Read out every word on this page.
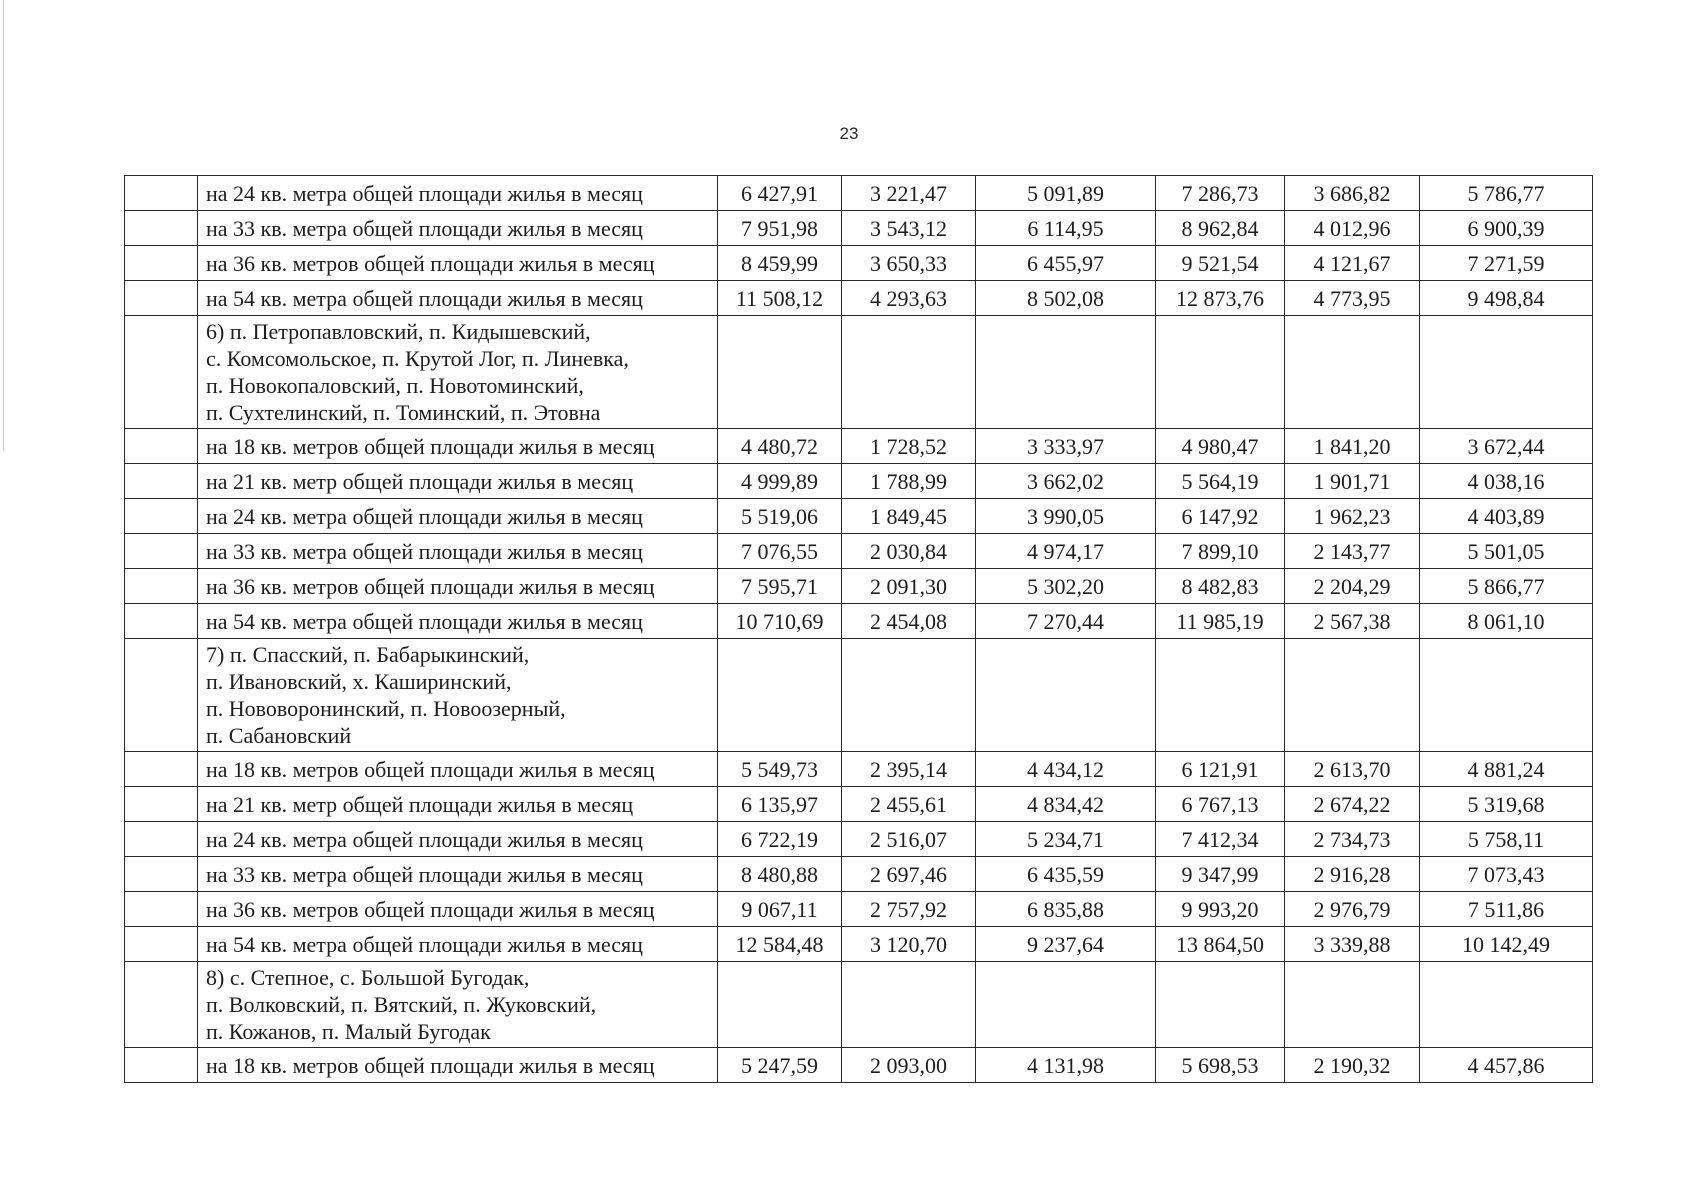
23
	на 24 кв. метра общей площади жилья в месяц	6 427,91	3 221,47	5 091,89	7 286,73	3 686,82	5 786,77
	на 33 кв. метра общей площади жилья в месяц	7 951,98	3 543,12	6 114,95	8 962,84	4 012,96	6 900,39
	на 36 кв. метров общей площади жилья в месяц	8 459,99	3 650,33	6 455,97	9 521,54	4 121,67	7 271,59
	на 54 кв. метра общей площади жилья в месяц	11 508,12	4 293,63	8 502,08	12 873,76	4 773,95	9 498,84

	6) п. Петропавловский, п. Кидышевский,
с. Комсомольское, п. Крутой Лог, п. Линевка,
п. Новокопаловский, п. Новотоминский,
п. Сухтелинский, п. Томинский, п. Этовна						

	на 18 кв. метров общей площади жилья в месяц	4 480,72	1 728,52	3 333,97	4 980,47	1 841,20	3 672,44
	на 21 кв. метр общей площади жилья в месяц	4 999,89	1 788,99	3 662,02	5 564,19	1 901,71	4 038,16
	на 24 кв. метра общей площади жилья в месяц	5 519,06	1 849,45	3 990,05	6 147,92	1 962,23	4 403,89
	на 33 кв. метра общей площади жилья в месяц	7 076,55	2 030,84	4 974,17	7 899,10	2 143,77	5 501,05
	на 36 кв. метров общей площади жилья в месяц	7 595,71	2 091,30	5 302,20	8 482,83	2 204,29	5 866,77
	на 54 кв. метра общей площади жилья в месяц	10 710,69	2 454,08	7 270,44	11 985,19	2 567,38	8 061,10

	7) п. Спасский, п. Бабарыкинский,
п. Ивановский, х. Каширинский,
п. Нововоронинский, п. Новоозерный,
п. Сабановский						

	на 18 кв. метров общей площади жилья в месяц	5 549,73	2 395,14	4 434,12	6 121,91	2 613,70	4 881,24
	на 21 кв. метр общей площади жилья в месяц	6 135,97	2 455,61	4 834,42	6 767,13	2 674,22	5 319,68
	на 24 кв. метра общей площади жилья в месяц	6 722,19	2 516,07	5 234,71	7 412,34	2 734,73	5 758,11
	на 33 кв. метра общей площади жилья в месяц	8 480,88	2 697,46	6 435,59	9 347,99	2 916,28	7 073,43
	на 36 кв. метров общей площади жилья в месяц	9 067,11	2 757,92	6 835,88	9 993,20	2 976,79	7 511,86
	на 54 кв. метра общей площади жилья в месяц	12 584,48	3 120,70	9 237,64	13 864,50	3 339,88	10 142,49

	8) с. Степное, с. Большой Бугодак,
п. Волковский, п. Вятский, п. Жуковский,
п. Кожанов, п. Малый Бугодак						

	на 18 кв. метров общей площади жилья в месяц	5 247,59	2 093,00	4 131,98	5 698,53	2 190,32	4 457,86
